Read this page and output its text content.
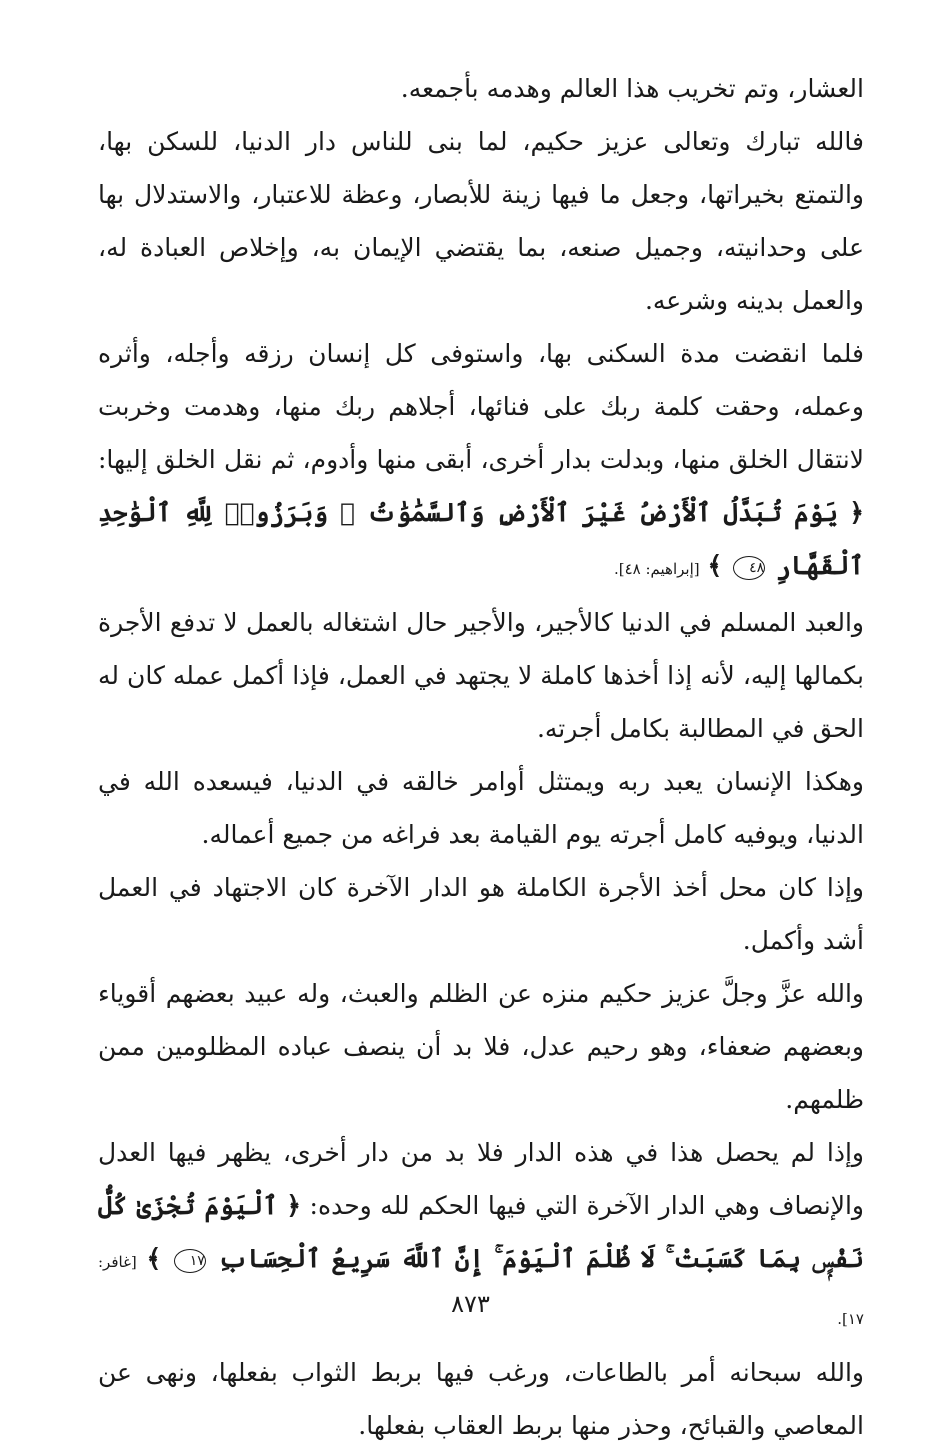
العشار، وتم تخريب هذا العالم وهدمه بأجمعه.

فالله تبارك وتعالى عزيز حكيم، لما بنى للناس دار الدنيا، للسكن بها، والتمتع بخيراتها، وجعل ما فيها زينة للأبصار، وعظة للاعتبار، والاستدلال بها على وحدانيته، وجميل صنعه، بما يقتضي الإيمان به، وإخلاص العبادة له، والعمل بدينه وشرعه.

فلما انقضت مدة السكنى بها، واستوفى كل إنسان رزقه وأجله، وأثره وعمله، وحقت كلمة ربك على فنائها، أجلاهم ربك منها، وهدمت وخربت لانتقال الخلق منها، وبدلت بدار أخرى، أبقى منها وأدوم، ثم نقل الخلق إليها: ﴿ يَوْمَ تُبَدَّلُ ٱلْأَرْضُ غَيْرَ ٱلْأَرْضِ وَٱلسَّمَٰوَٰتُ ۖ وَبَرَزُوا۟ لِلَّهِ ٱلْوَٰحِدِ ٱلْقَهَّارِ ٤٨ ﴾ [إبراهيم: ٤٨].

والعبد المسلم في الدنيا كالأجير، والأجير حال اشتغاله بالعمل لا تدفع الأجرة بكمالها إليه، لأنه إذا أخذها كاملة لا يجتهد في العمل، فإذا أكمل عمله كان له الحق في المطالبة بكامل أجرته.

وهكذا الإنسان يعبد ربه ويمتثل أوامر خالقه في الدنيا، فيسعده الله في الدنيا، ويوفيه كامل أجرته يوم القيامة بعد فراغه من جميع أعماله.

وإذا كان محل أخذ الأجرة الكاملة هو الدار الآخرة كان الاجتهاد في العمل أشد وأكمل.

والله عزَّ وجلَّ عزيز حكيم منزه عن الظلم والعبث، وله عبيد بعضهم أقوياء وبعضهم ضعفاء، وهو رحيم عدل، فلا بد أن ينصف عباده المظلومين ممن ظلمهم.

وإذا لم يحصل هذا في هذه الدار فلا بد من دار أخرى، يظهر فيها العدل والإنصاف وهي الدار الآخرة التي فيها الحكم لله وحده: ﴿ ٱلْيَوْمَ تُجْزَىٰ كُلُّ نَفْسٍۭ بِمَا كَسَبَتْ ۚ لَا ظُلْمَ ٱلْيَوْمَ ۚ إِنَّ ٱللَّهَ سَرِيعُ ٱلْحِسَابِ ١٧ ﴾ [غافر: ١٧].

والله سبحانه أمر بالطاعات، ورغب فيها بربط الثواب بفعلها، ونهى عن المعاصي والقبائح، وحذر منها بربط العقاب بفعلها.

٨٧٣
